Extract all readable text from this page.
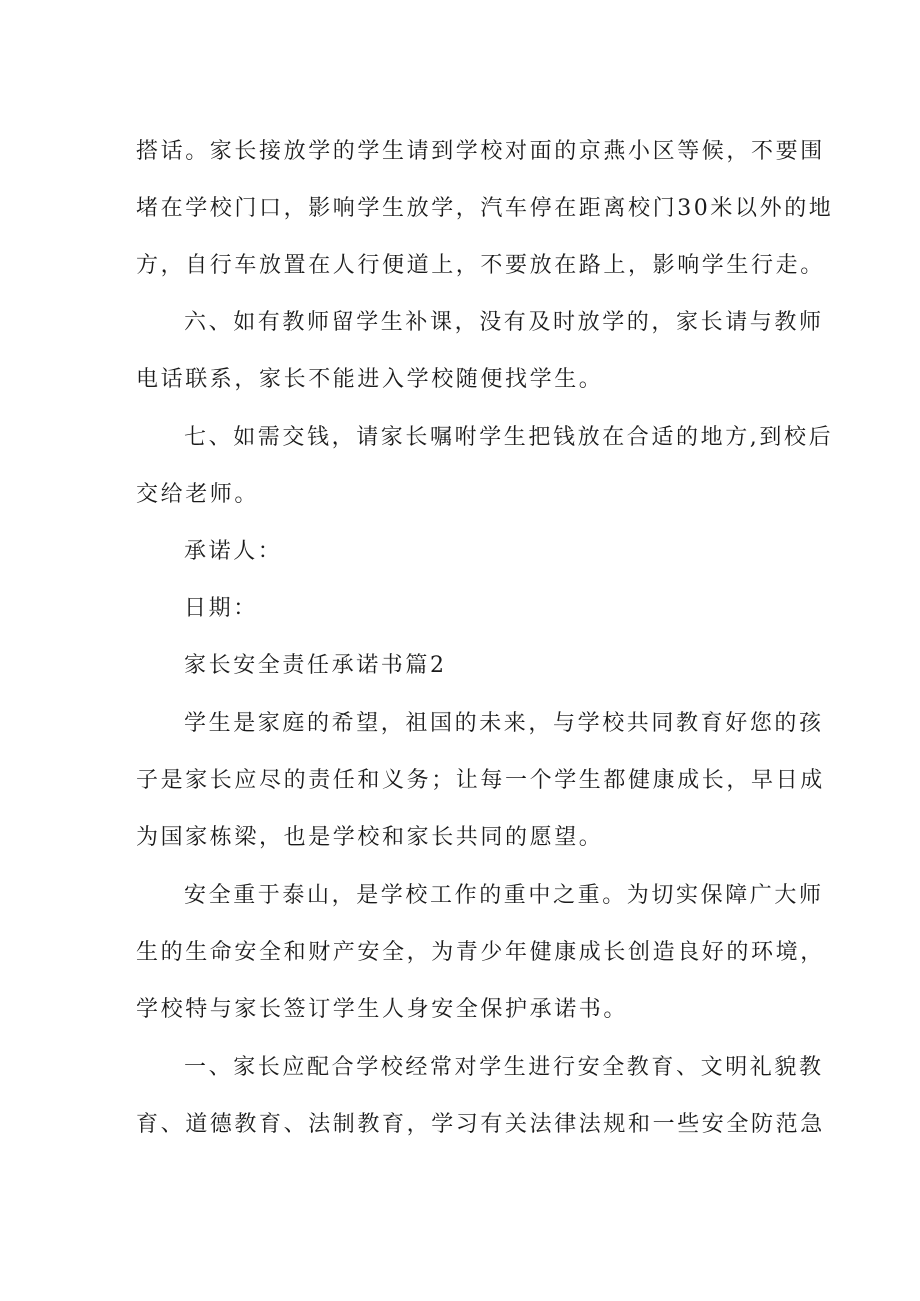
搭话。家长接放学的学生请到学校对面的京燕小区等候，不要围
堵在学校门口，影响学生放学，汽车停在距离校门30米以外的地
方，自行车放置在人行便道上，不要放在路上，影响学生行走。
六、如有教师留学生补课，没有及时放学的，家长请与教师
电话联系，家长不能进入学校随便找学生。
七、如需交钱，请家长嘱咐学生把钱放在合适的地方,到校后
交给老师。
承诺人：
日期：
家长安全责任承诺书篇2
学生是家庭的希望，祖国的未来，与学校共同教育好您的孩
子是家长应尽的责任和义务；让每一个学生都健康成长，早日成
为国家栋梁，也是学校和家长共同的愿望。
安全重于泰山，是学校工作的重中之重。为切实保障广大师
生的生命安全和财产安全，为青少年健康成长创造良好的环境，
学校特与家长签订学生人身安全保护承诺书。
一、家长应配合学校经常对学生进行安全教育、文明礼貌教
育、道德教育、法制教育，学习有关法律法规和一些安全防范急
